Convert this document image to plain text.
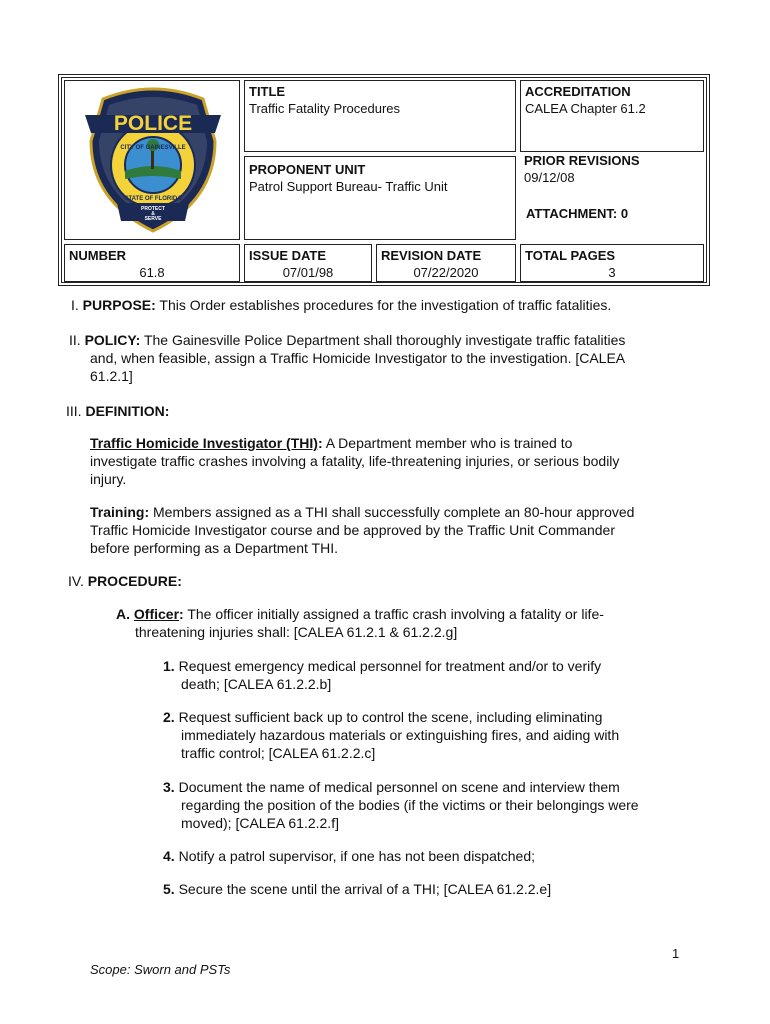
POLICE
CITY OF GAINESVILLE
STATE OF FLORIDA
PROTECT
&
SERVE
TITLE
Traffic Fatality Procedures
ACCREDITATION
CALEA Chapter 61.2
PROPONENT UNIT
Patrol Support Bureau- Traffic Unit
PRIOR REVISIONS
09/12/08
ATTACHMENT: 0
NUMBER
61.8
ISSUE DATE
07/01/98
REVISION DATE
07/22/2020
TOTAL PAGES
3
I. PURPOSE: This Order establishes procedures for the investigation of traffic fatalities.
II. POLICY: The Gainesville Police Department shall thoroughly investigate traffic fatalities
and, when feasible, assign a Traffic Homicide Investigator to the investigation. [CALEA
61.2.1]
III. DEFINITION:
Traffic Homicide Investigator (THI): A Department member who is trained to
investigate traffic crashes involving a fatality, life-threatening injuries, or serious bodily
injury.
Training: Members assigned as a THI shall successfully complete an 80-hour approved
Traffic Homicide Investigator course and be approved by the Traffic Unit Commander
before performing as a Department THI.
IV. PROCEDURE:
A. Officer: The officer initially assigned a traffic crash involving a fatality or life-
threatening injuries shall: [CALEA 61.2.1 & 61.2.2.g]
1. Request emergency medical personnel for treatment and/or to verify
death; [CALEA 61.2.2.b]
2. Request sufficient back up to control the scene, including eliminating
immediately hazardous materials or extinguishing fires, and aiding with
traffic control; [CALEA 61.2.2.c]
3. Document the name of medical personnel on scene and interview them
regarding the position of the bodies (if the victims or their belongings were
moved); [CALEA 61.2.2.f]
4. Notify a patrol supervisor, if one has not been dispatched;
5. Secure the scene until the arrival of a THI; [CALEA 61.2.2.e]
1
Scope: Sworn and PSTs
